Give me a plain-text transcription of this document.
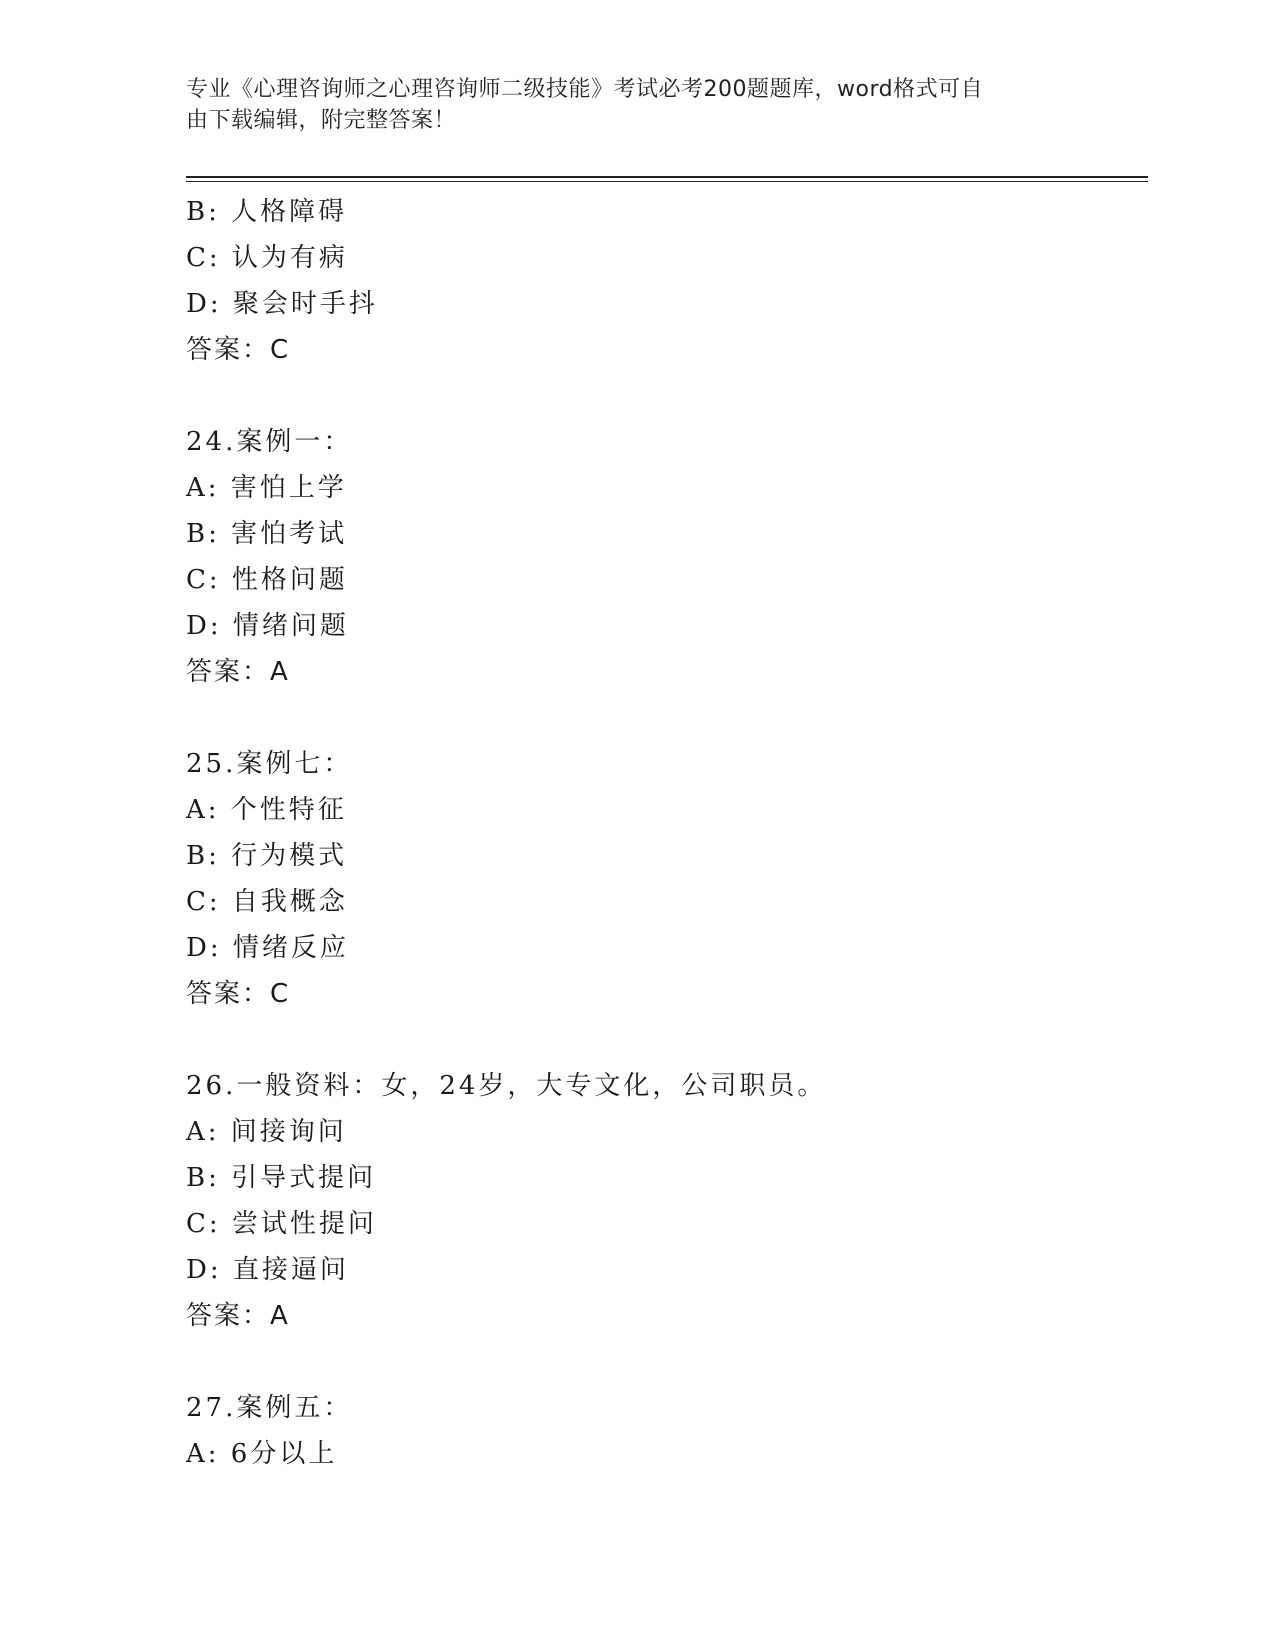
专业《心理咨询师之心理咨询师二级技能》考试必考200题题库，word格式可自
由下载编辑，附完整答案！
B: 人格障碍
C: 认为有病
D: 聚会时手抖
答案：C
24.案例一：
A: 害怕上学
B: 害怕考试
C: 性格问题
D: 情绪问题
答案：A
25.案例七：
A: 个性特征
B: 行为模式
C: 自我概念
D: 情绪反应
答案：C
26.一般资料：女，24岁，大专文化，公司职员。
A: 间接询问
B: 引导式提问
C: 尝试性提问
D: 直接逼问
答案：A
27.案例五：
A: 6分以上
